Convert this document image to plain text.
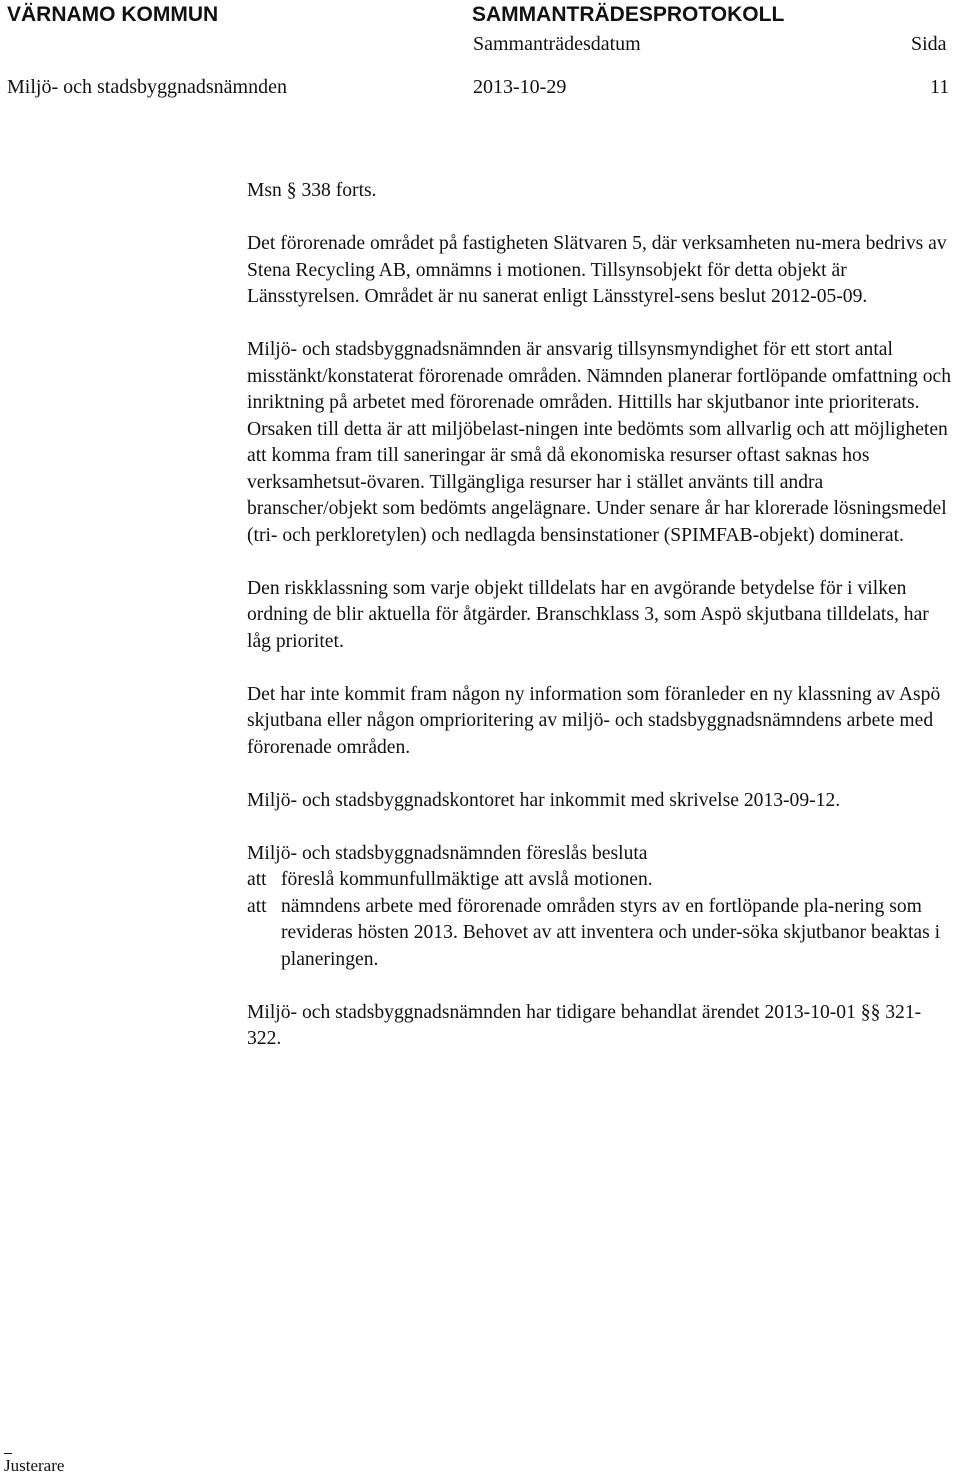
VÄRNAMO KOMMUN	SAMMANTRÄDESPROTOKOLL
Sammanträdesdatum	Sida
Miljö- och stadsbyggnadsnämnden	2013-10-29	11

Msn § 338 forts.

Det förorenade området på fastigheten Slätvaren 5, där verksamheten nu-mera bedrivs av Stena Recycling AB, omnämns i motionen. Tillsynsobjekt för detta objekt är Länsstyrelsen. Området är nu sanerat enligt Länsstyrel-sens beslut 2012-05-09.

Miljö- och stadsbyggnadsnämnden är ansvarig tillsynsmyndighet för ett stort antal misstänkt/konstaterat förorenade områden. Nämnden planerar fortlöpande omfattning och inriktning på arbetet med förorenade områden. Hittills har skjutbanor inte prioriterats. Orsaken till detta är att miljöbelast-ningen inte bedömts som allvarlig och att möjligheten att komma fram till saneringar är små då ekonomiska resurser oftast saknas hos verksamhetsut-övaren. Tillgängliga resurser har i stället använts till andra branscher/objekt som bedömts angelägnare. Under senare år har klorerade lösningsmedel (tri- och perkloretylen) och nedlagda bensinstationer (SPIMFAB-objekt) dominerat.

Den riskklassning som varje objekt tilldelats har en avgörande betydelse för i vilken ordning de blir aktuella för åtgärder. Branschklass 3, som Aspö skjutbana tilldelats, har låg prioritet.

Det har inte kommit fram någon ny information som föranleder en ny klassning av Aspö skjutbana eller någon omprioritering av miljö- och stadsbyggnadsnämndens arbete med förorenade områden.

Miljö- och stadsbyggnadskontoret har inkommit med skrivelse 2013-09-12.

Miljö- och stadsbyggnadsnämnden föreslås besluta

att föreslå kommunfullmäktige att avslå motionen.

att nämndens arbete med förorenade områden styrs av en fortlöpande pla-nering som revideras hösten 2013. Behovet av att inventera och under-söka skjutbanor beaktas i planeringen.

Miljö- och stadsbyggnadsnämnden har tidigare behandlat ärendet 2013-10-01 §§ 321-322.

Justerare
